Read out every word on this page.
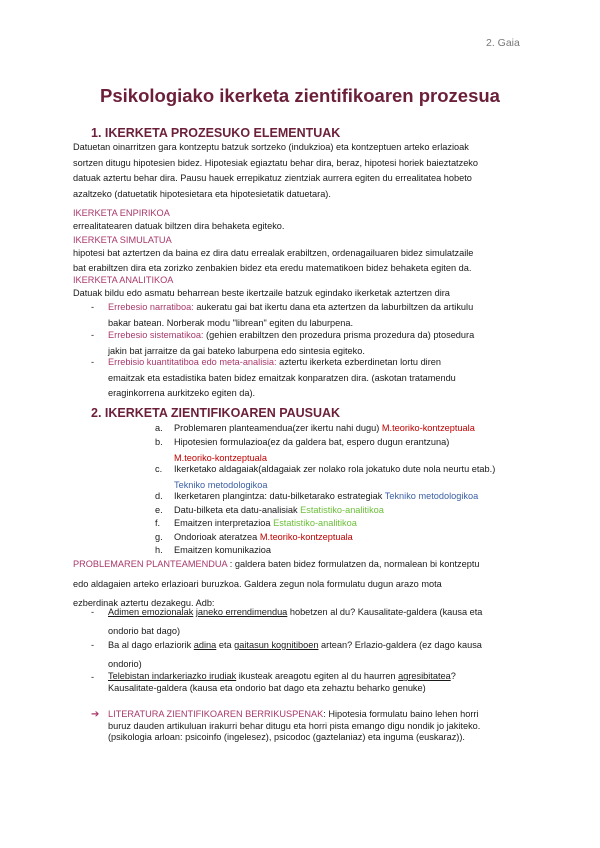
2. Gaia
Psikologiako ikerketa zientifikoaren prozesua
1. IKERKETA PROZESUKO ELEMENTUAK
Datuetan oinarritzen gara kontzeptu batzuk sortzeko (indukzioa) eta kontzeptuen arteko erlazioak
sortzen ditugu hipotesien bidez. Hipotesiak egiaztatu behar dira, beraz, hipotesi horiek baieztatzeko
datuak aztertu behar dira. Pausu hauek errepikatuz zientziak aurrera egiten du errealitatea hobeto
azaltzeko (datuetatik hipotesietara eta hipotesietatik datuetara).
IKERKETA ENPIRIKOA
errealitatearen datuak biltzen dira behaketa egiteko.
IKERKETA SIMULATUA
hipotesi bat aztertzen da baina ez dira datu errealak erabiltzen, ordenagailuaren bidez simulatzaile
bat erabiltzen dira eta zorizko zenbakien bidez eta eredu matematikoen bidez behaketa egiten da.
IKERKETA ANALITIKOA
Datuak bildu edo asmatu beharrean beste ikertzaile batzuk egindako ikerketak aztertzen dira
- Errebesio narratiboa: aukeratu gai bat ikertu dana eta aztertzen da laburbiltzen da artikulu
bakar batean. Norberak modu "librean" egiten du laburpena.
- Errebesio sistematikoa: (gehien erabiltzen den prozedura prisma prozedura da) ptosedura
jakin bat jarraitze da gai bateko laburpena edo sintesia egiteko.
- Errebisio kuantitatiboa edo meta-analisia: aztertu ikerketa ezberdinetan lortu diren
emaitzak eta estadistika baten bidez emaitzak konparatzen dira. (askotan tratamendu
eraginkorrena aurkitzeko egiten da).
2. IKERKETA ZIENTIFIKOAREN PAUSUAK
a. Problemaren planteamendua(zer ikertu nahi dugu) M.teoriko-kontzeptuala
b. Hipotesien formulazioa(ez da galdera bat, espero dugun erantzuna)
M.teoriko-kontzeptuala
c. Ikerketako aldagaiak(aldagaiak zer nolako rola jokatuko dute nola neurtu etab.)
Tekniko metodologikoa
d. Ikerketaren plangintza: datu-bilketarako estrategiak Tekniko metodologikoa
e. Datu-bilketa eta datu-analisiak Estatistiko-analitikoa
f. Emaitzen interpretazioa Estatistiko-analitikoa
g. Ondorioak ateratzea M.teoriko-kontzeptuala
h. Emaitzen komunikazioa
PROBLEMAREN PLANTEAMENDUA : galdera baten bidez formulatzen da, normalean bi kontzeptu
edo aldagaien arteko erlazioari buruzkoa. Galdera zegun nola formulatu dugun arazo mota
ezberdinak aztertu dezakegu. Adb:
- Adimen emozionalak janeko errendimendua hobetzen al du? Kausalitate-galdera (kausa eta
ondorio bat dago)
- Ba al dago erlaziorik adina eta gaitasun kognitiboen artean? Erlazio-galdera (ez dago kausa
ondorio)
- Telebistan indarkeriazko irudiak ikusteak areagotu egiten al du haurren agresibitatea?
Kausalitate-galdera (kausa eta ondorio bat dago eta zehaztu beharko genuke)
➔ LITERATURA ZIENTIFIKOAREN BERRIKUSPENAK: Hipotesia formulatu baino lehen horri
buruz dauden artikuluan irakurri behar ditugu eta horri pista emango digu nondik jo jakiteko.
(psikologia arloan: psicoinfo (ingelesez), psicodoc (gaztelaniaz) eta inguma (euskaraz)).
